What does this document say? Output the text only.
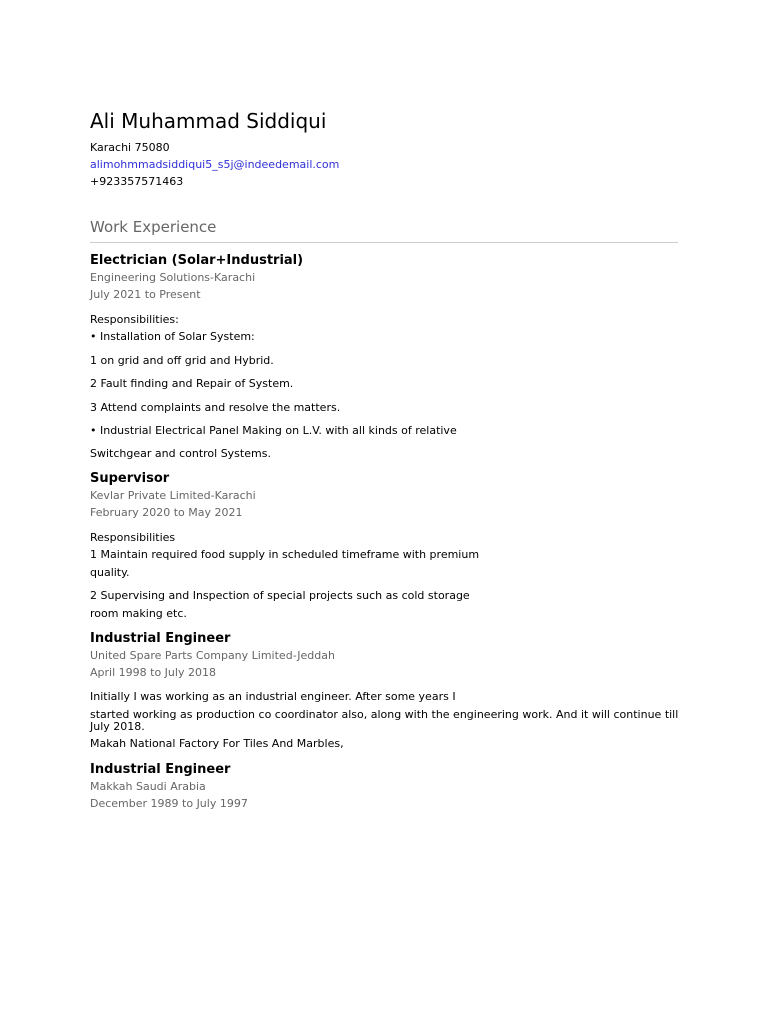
Ali Muhammad Siddiqui
Karachi 75080
alimohmmadsiddiqui5_s5j@indeedemail.com
+923357571463
Work Experience
Electrician (Solar+Industrial)
Engineering Solutions-Karachi
July 2021 to Present
Responsibilities:
• Installation of Solar System:
1 on grid and off grid and Hybrid.
2 Fault finding and Repair of System.
3 Attend complaints and resolve the matters.
• Industrial Electrical Panel Making on L.V. with all kinds of relative
Switchgear and control Systems.
Supervisor
Kevlar Private Limited-Karachi
February 2020 to May 2021
Responsibilities
1 Maintain required food supply in scheduled timeframe with premium
quality.
2 Supervising and Inspection of special projects such as cold storage
room making etc.
Industrial Engineer
United Spare Parts Company Limited-Jeddah
April 1998 to July 2018
Initially I was working as an industrial engineer. After some years I
started working as production co coordinator also, along with the engineering work. And it will continue till July 2018.
Makah National Factory For Tiles And Marbles,
Industrial Engineer
Makkah Saudi Arabia
December 1989 to July 1997
